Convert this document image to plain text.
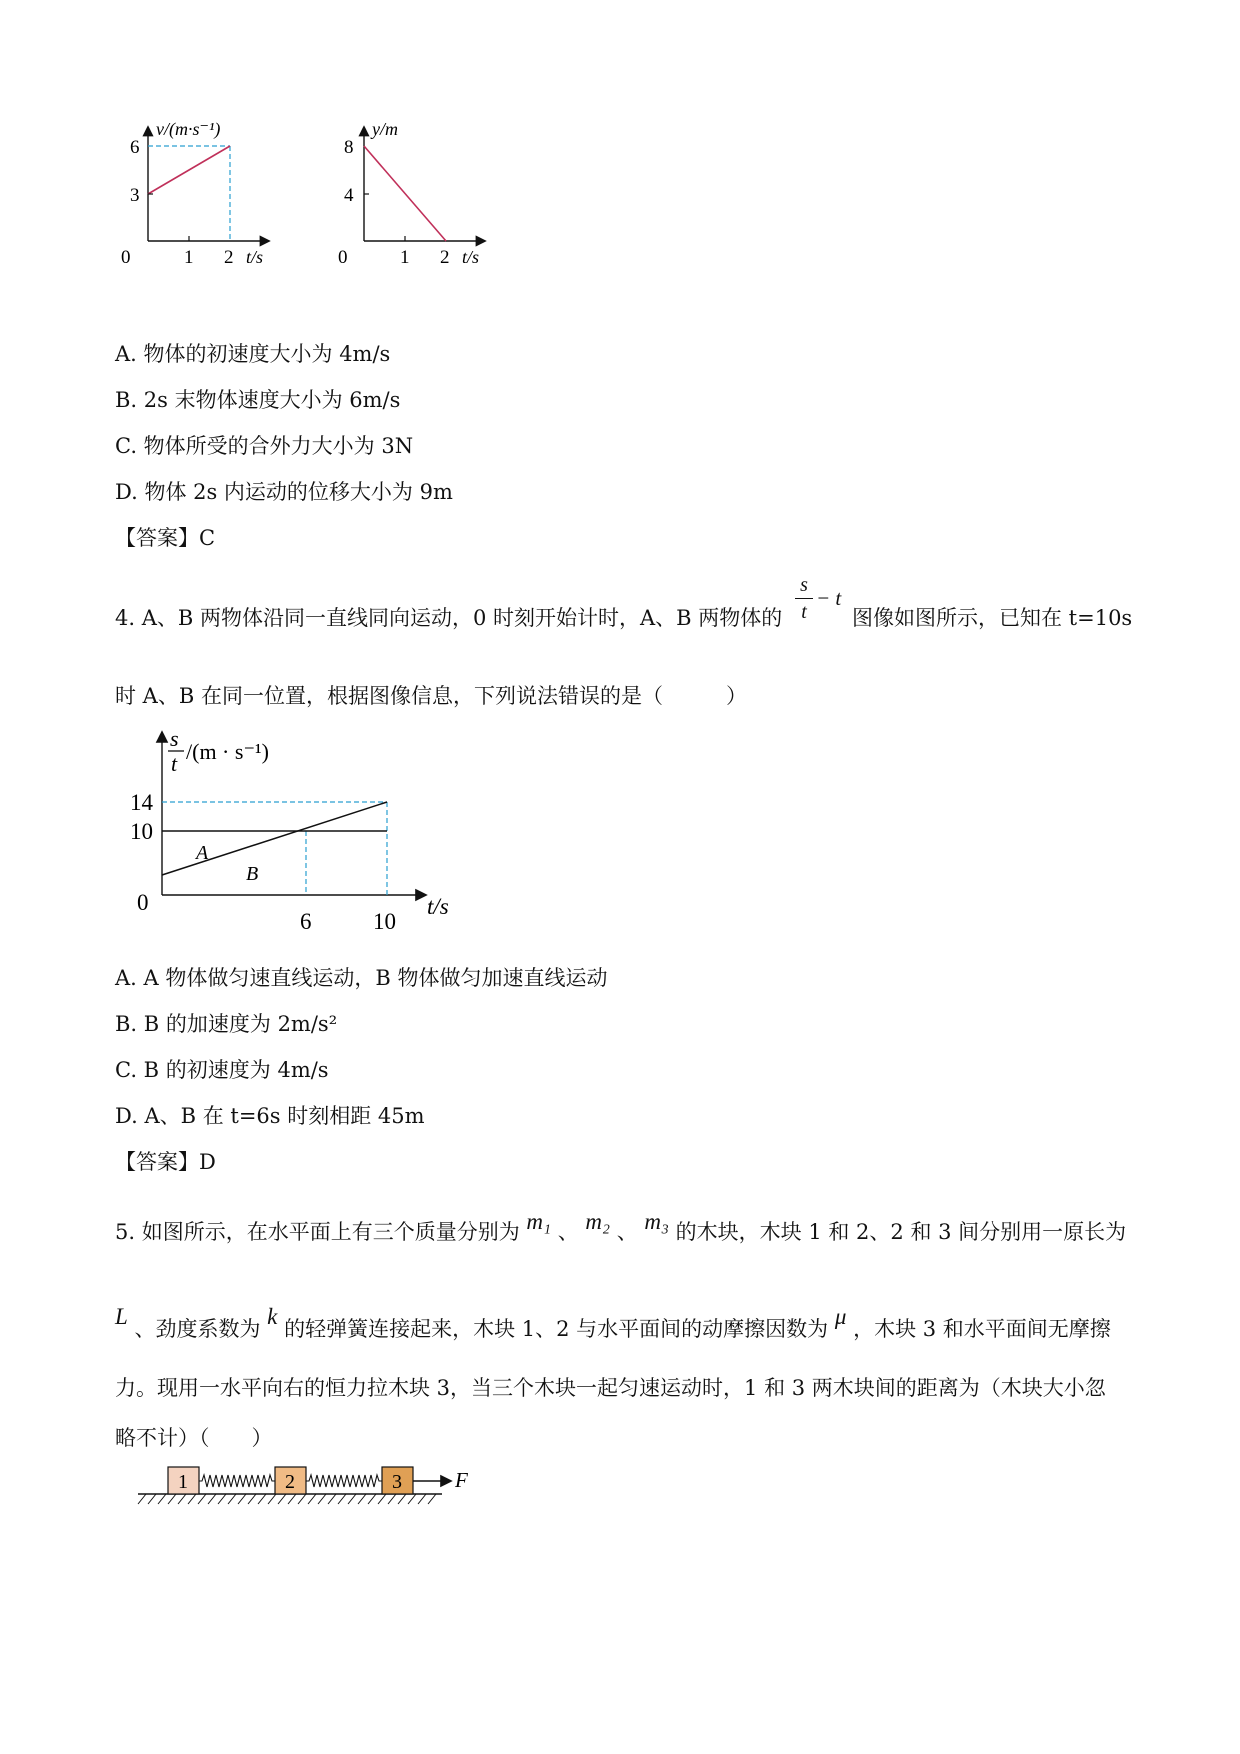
6
3
0	1 2
v/(m·s⁻¹)
t/s
8
4
0	1 2
y/m
t/s
A. 物体的初速度大小为 4m/s
B. 2s 末物体速度大小为 6m/s
C. 物体所受的合外力大小为 3N
D. 物体 2s 内运动的位移大小为 9m
【答案】C
4. A、B 两物体沿同一直线同向运动，0 时刻开始计时，A、B 两物体的
s
t
− t
图像如图所示，已知在 t=10s
时 A、B 在同一位置，根据图像信息，下列说法错误的是（　　　）
14
10
0
6	10
t/s
A
B
s
t /(m · s⁻¹)
A. A 物体做匀速直线运动，B 物体做匀加速直线运动
B. B 的加速度为 2m/s²
C. B 的初速度为 4m/s
D. A、B 在 t=6s 时刻相距 45m
【答案】D
5. 如图所示，在水平面上有三个质量分别为 m₁ 、 m₂ 、 m₃ 的木块，木块 1 和 2、2 和 3 间分别用一原长为
L 、劲度系数为 k 的轻弹簧连接起来，木块 1、2 与水平面间的动摩擦因数为 μ ，木块 3 和水平面间无摩擦
力。现用一水平向右的恒力拉木块 3，当三个木块一起匀速运动时，1 和 3 两木块间的距离为（木块大小忽
略不计）（　　）
1	2	3	F
